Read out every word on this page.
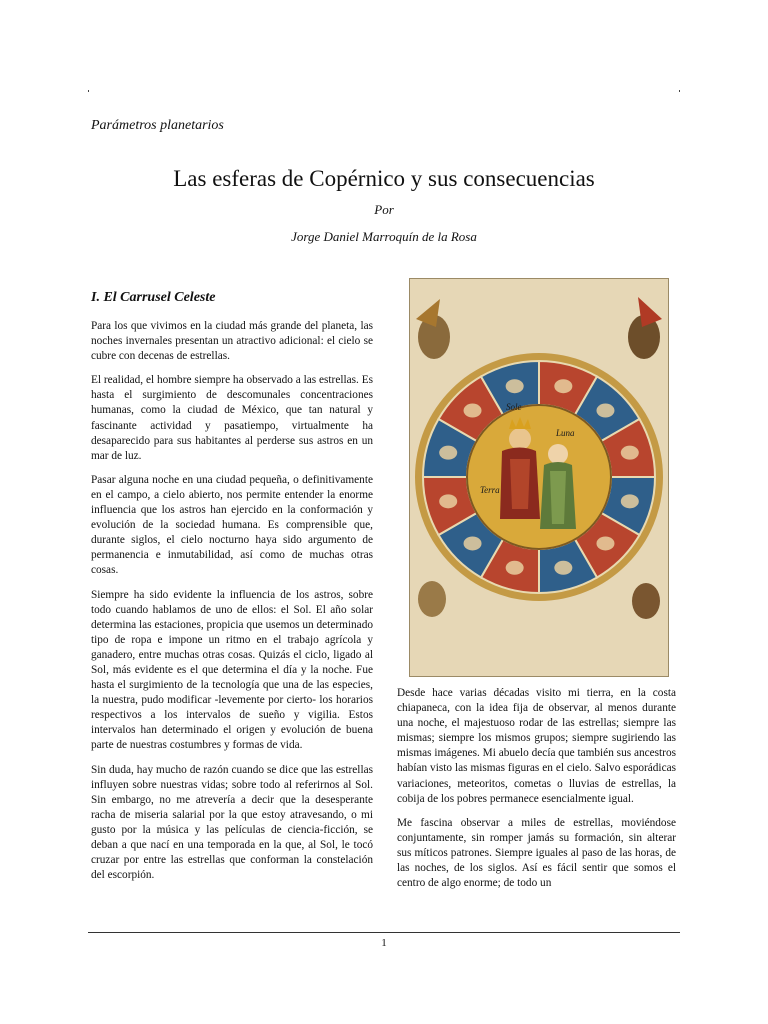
Parámetros planetarios

Las esferas de Copérnico y sus consecuencias

Por

Jorge Daniel Marroquín de la Rosa

I. El Carrusel Celeste

Para los que vivimos en la ciudad más grande del planeta, las noches invernales presentan un atractivo adicional: el cielo se cubre con decenas de estrellas.

El realidad, el hombre siempre ha observado a las estrellas. Es hasta el surgimiento de descomunales concentraciones humanas, como la ciudad de México, que tan natural y fascinante actividad y pasatiempo, virtualmente ha desaparecido para sus habitantes al perderse sus astros en un mar de luz.

Pasar alguna noche en una ciudad pequeña, o definitivamente en el campo, a cielo abierto, nos permite entender la enorme influencia que los astros han ejercido en la conformación y evolución de la sociedad humana. Es comprensible que, durante siglos, el cielo nocturno haya sido argumento de permanencia e inmutabilidad, así como de muchas otras cosas.

Siempre ha sido evidente la influencia de los astros, sobre todo cuando hablamos de uno de ellos: el Sol. El año solar determina las estaciones, propicia que usemos un determinado tipo de ropa e impone un ritmo en el trabajo agrícola y ganadero, entre muchas otras cosas. Quizás el ciclo, ligado al Sol, más evidente es el que determina el día y la noche. Fue hasta el surgimiento de la tecnología que una de las especies, la nuestra, pudo modificar -levemente por cierto- los horarios respectivos a los intervalos de sueño y vigilia. Estos intervalos han determinado el origen y evolución de buena parte de nuestras costumbres y formas de vida.

Sin duda, hay mucho de razón cuando se dice que las estrellas influyen sobre nuestras vidas; sobre todo al referirnos al Sol. Sin embargo, no me atrevería a decir que la desesperante racha de miseria salarial por la que estoy atravesando, o mi gusto por la música y las películas de ciencia-ficción, se deban a que nací en una temporada en la que, al Sol, le tocó cruzar por entre las estrellas que conforman la constelación del escorpión.

Sole
Luna
Terra

Desde hace varias décadas visito mi tierra, en la costa chiapaneca, con la idea fija de observar, al menos durante una noche, el majestuoso rodar de las estrellas; siempre las mismas; siempre los mismos grupos; siempre sugiriendo las mismas imágenes. Mi abuelo decía que también sus ancestros habían visto las mismas figuras en el cielo. Salvo esporádicas variaciones, meteoritos, cometas o lluvias de estrellas, la cobija de los pobres permanece esencialmente igual.

Me fascina observar a miles de estrellas, moviéndose conjuntamente, sin romper jamás su formación, sin alterar sus míticos patrones. Siempre iguales al paso de las horas, de las noches, de los siglos. Así es fácil sentir que somos el centro de algo enorme; de todo un

1
